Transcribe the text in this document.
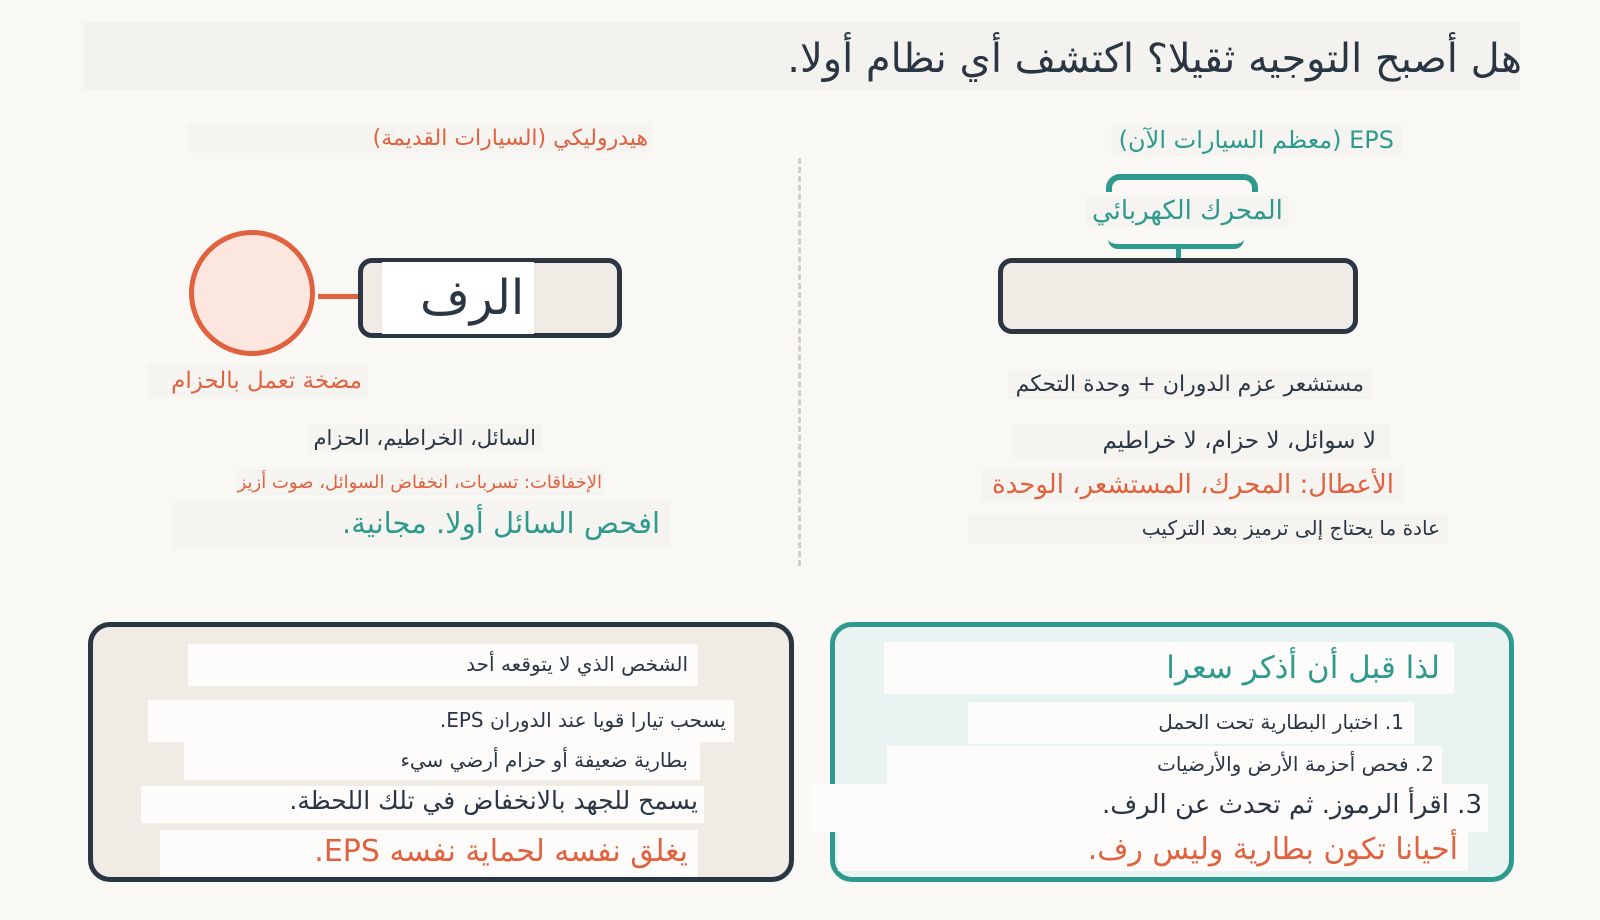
هل أصبح التوجيه ثقيلا؟ اكتشف أي نظام أولا.
EPS (معظم السيارات الآن)
المحرك الكهربائي
مستشعر عزم الدوران + وحدة التحكم
لا سوائل، لا حزام، لا خراطيم
الأعطال: المحرك، المستشعر، الوحدة
عادة ما يحتاج إلى ترميز بعد التركيب
هيدروليكي (السيارات القديمة)
الرف
مضخة تعمل بالحزام
السائل، الخراطيم، الحزام
الإخفاقات: تسربات، انخفاض السوائل، صوت أزيز
افحص السائل أولا. مجانية.
الشخص الذي لا يتوقعه أحد
يسحب تيارا قويا عند الدوران EPS.
بطارية ضعيفة أو حزام أرضي سيء
يسمح للجهد بالانخفاض في تلك اللحظة.
يغلق نفسه لحماية نفسه EPS.
لذا قبل أن أذكر سعرا
1. اختبار البطارية تحت الحمل
2. فحص أحزمة الأرض والأرضيات
3. اقرأ الرموز. ثم تحدث عن الرف.
أحيانا تكون بطارية وليس رف.
